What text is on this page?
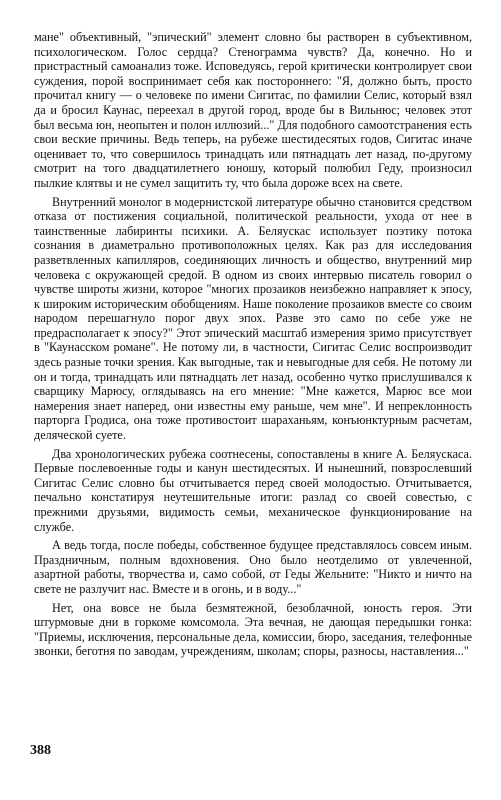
мане" объективный, "эпический" элемент словно бы растворен в субъективном, психологическом. Голос сердца? Стенограмма чувств? Да, конечно. Но и пристрастный самоанализ тоже. Исповедуясь, герой критически контролирует свои суждения, порой воспринимает себя как постороннего: "Я, должно быть, просто прочитал книгу — о человеке по имени Сигитас, по фамилии Селис, который взял да и бросил Каунас, переехал в другой город, вроде бы в Вильнюс; человек этот был весьма юн, неопытен и полон иллюзий..." Для подобного самоотстранения есть свои веские причины. Ведь теперь, на рубеже шестидесятых годов, Сигитас иначе оценивает то, что совершилось тринадцать или пятнадцать лет назад, по-другому смотрит на того двадцатилетнего юношу, который полюбил Геду, произносил пылкие клятвы и не сумел защитить ту, что была дороже всех на свете.

Внутренний монолог в модернистской литературе обычно становится средством отказа от постижения социальной, политической реальности, ухода от нее в таинственные лабиринты психики. А. Беляускас использует поэтику потока сознания в диаметрально противоположных целях. Как раз для исследования разветвленных капилляров, соединяющих личность и общество, внутренний мир человека с окружающей средой. В одном из своих интервью писатель говорил о чувстве широты жизни, которое "многих прозаиков неизбежно направляет к эпосу, к широким историческим обобщениям. Наше поколение прозаиков вместе со своим народом перешагнуло порог двух эпох. Разве это само по себе уже не предрасполагает к эпосу?" Этот эпический масштаб измерения зримо присутствует в "Каунасском романе". Не потому ли, в частности, Сигитас Селис воспроизводит здесь разные точки зрения. Как выгодные, так и невыгодные для себя. Не потому ли он и тогда, тринадцать или пятнадцать лет назад, особенно чутко прислушивался к сварщику Марюсу, оглядываясь на его мнение: "Мне кажется, Марюс все мои намерения знает наперед, они известны ему раньше, чем мне". И непреклонность парторга Гродиса, она тоже противостоит шараханьям, конъюнктурным расчетам, деляческой суете.

Два хронологических рубежа соотнесены, сопоставлены в книге А. Беляускаса. Первые послевоенные годы и канун шестидесятых. И нынешний, повзрослевший Сигитас Селис словно бы отчитывается перед своей молодостью. Отчитывается, печально констатируя неутешительные итоги: разлад со своей совестью, с прежними друзьями, видимость семьи, механическое функционирование на службе.

А ведь тогда, после победы, собственное будущее представлялось совсем иным. Праздничным, полным вдохновения. Оно было неотделимо от увлеченной, азартной работы, творчества и, само собой, от Геды Жельните: "Никто и ничто на свете не разлучит нас. Вместе и в огонь, и в воду..."

Нет, она вовсе не была безмятежной, безоблачной, юность героя. Эти штурмовые дни в горкоме комсомола. Эта вечная, не дающая передышки гонка: "Приемы, исключения, персональные дела, комиссии, бюро, заседания, телефонные звонки, беготня по заводам, учреждениям, школам; споры, разносы, наставления..."

388
